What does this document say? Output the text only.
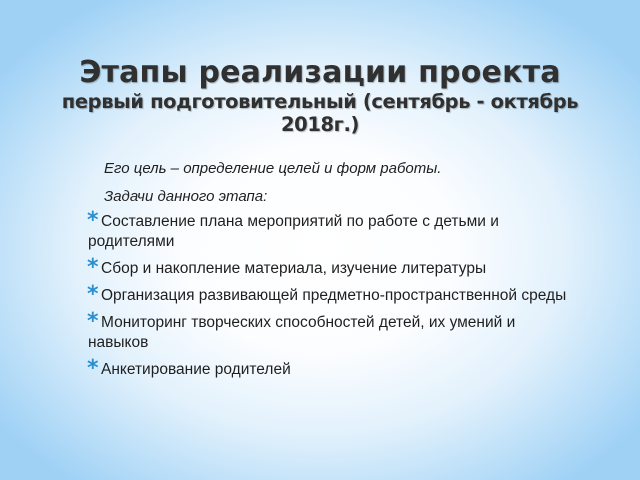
Этапы реализации проекта
первый подготовительный (сентябрь - октябрь
2018г.)
Его цель – определение целей и форм работы.
Задачи данного этапа:
* Составление плана мероприятий по работе с детьми и родителями
* Сбор и накопление материала, изучение литературы
* Организация развивающей предметно-пространственной среды
* Мониторинг творческих способностей детей, их умений и навыков
* Анкетирование родителей
